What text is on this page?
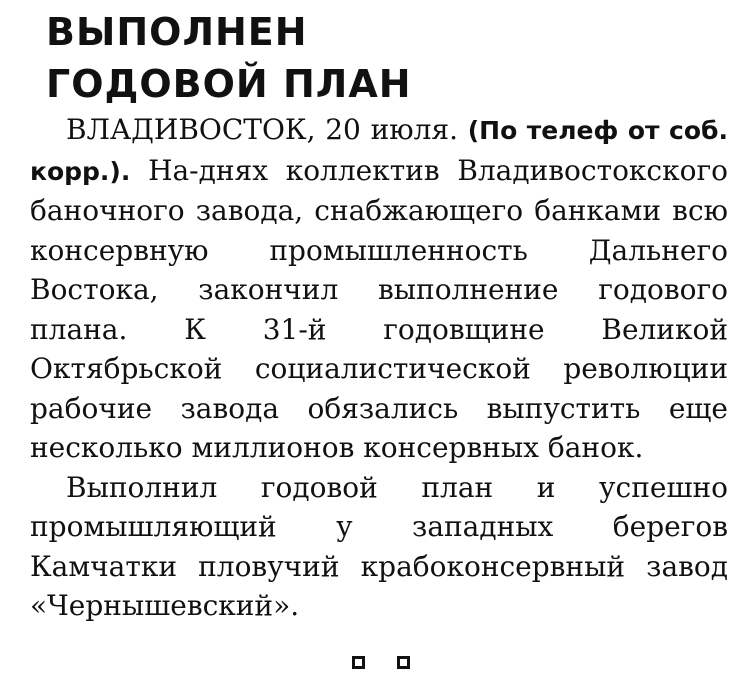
ВЫПОЛНЕН
ГОДОВОЙ ПЛАН

ВЛАДИВОСТОК, 20 июля. (По телеф от соб. корр.). На-днях коллектив Владивостокского баночного завода, снабжающего банками всю консервную промышленность Дальнего Востока, закончил выполнение годового плана. К 31-й годовщине Великой Октябрьской социалистической революции рабочие завода обязались выпустить еще несколько миллионов консервных банок.

Выполнил годовой план и успешно промышляющий у западных берегов Камчатки пловучий крабоконсервный завод «Чернышевский».
